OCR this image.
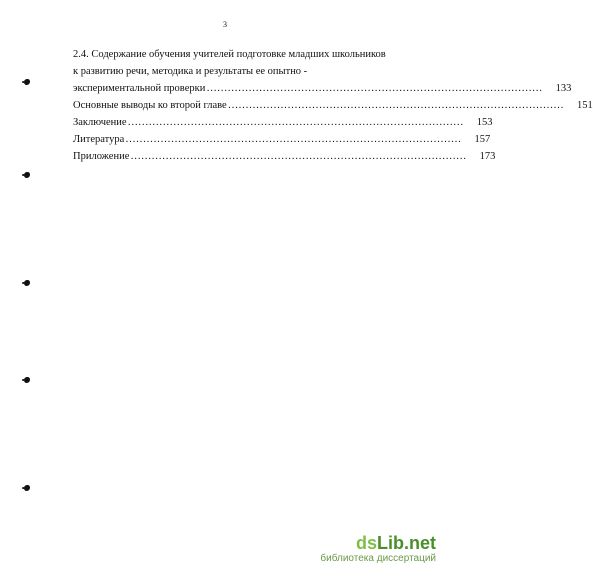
3
2.4. Содержание обучения учителей подготовке младших школьников
к развитию речи, методика и результаты ее опытно -
экспериментальной проверки ……………………………………………………………………………………	133
Основные выводы ко второй главе ……………………………………………………………………………………	151
Заключение ……………………………………………………………………………………	153
Литература ……………………………………………………………………………………	157
Приложение ……………………………………………………………………………………	173
dsLib.net
библиотека диссертаций
